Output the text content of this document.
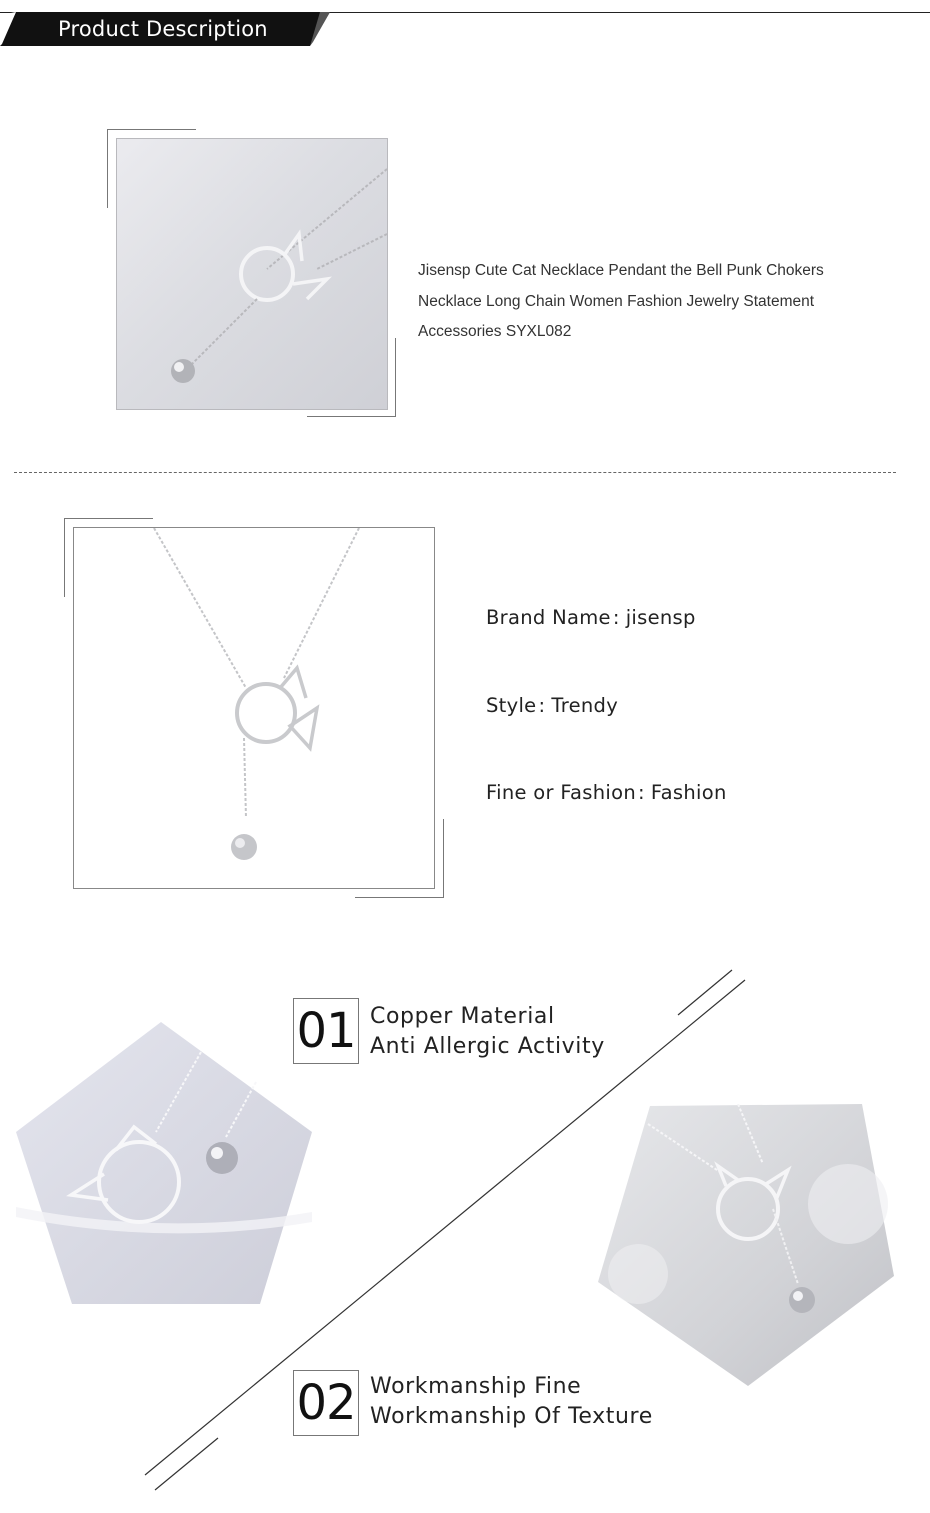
Product Description
Jisensp Cute Cat Necklace Pendant the Bell Punk Chokers
Necklace Long Chain Women Fashion Jewelry Statement
Accessories SYXL082
Brand Name : jisensp
Style : Trendy
Fine or Fashion : Fashion
01 Copper Material
Anti Allergic Activity
02 Workmanship Fine
Workmanship Of Texture
